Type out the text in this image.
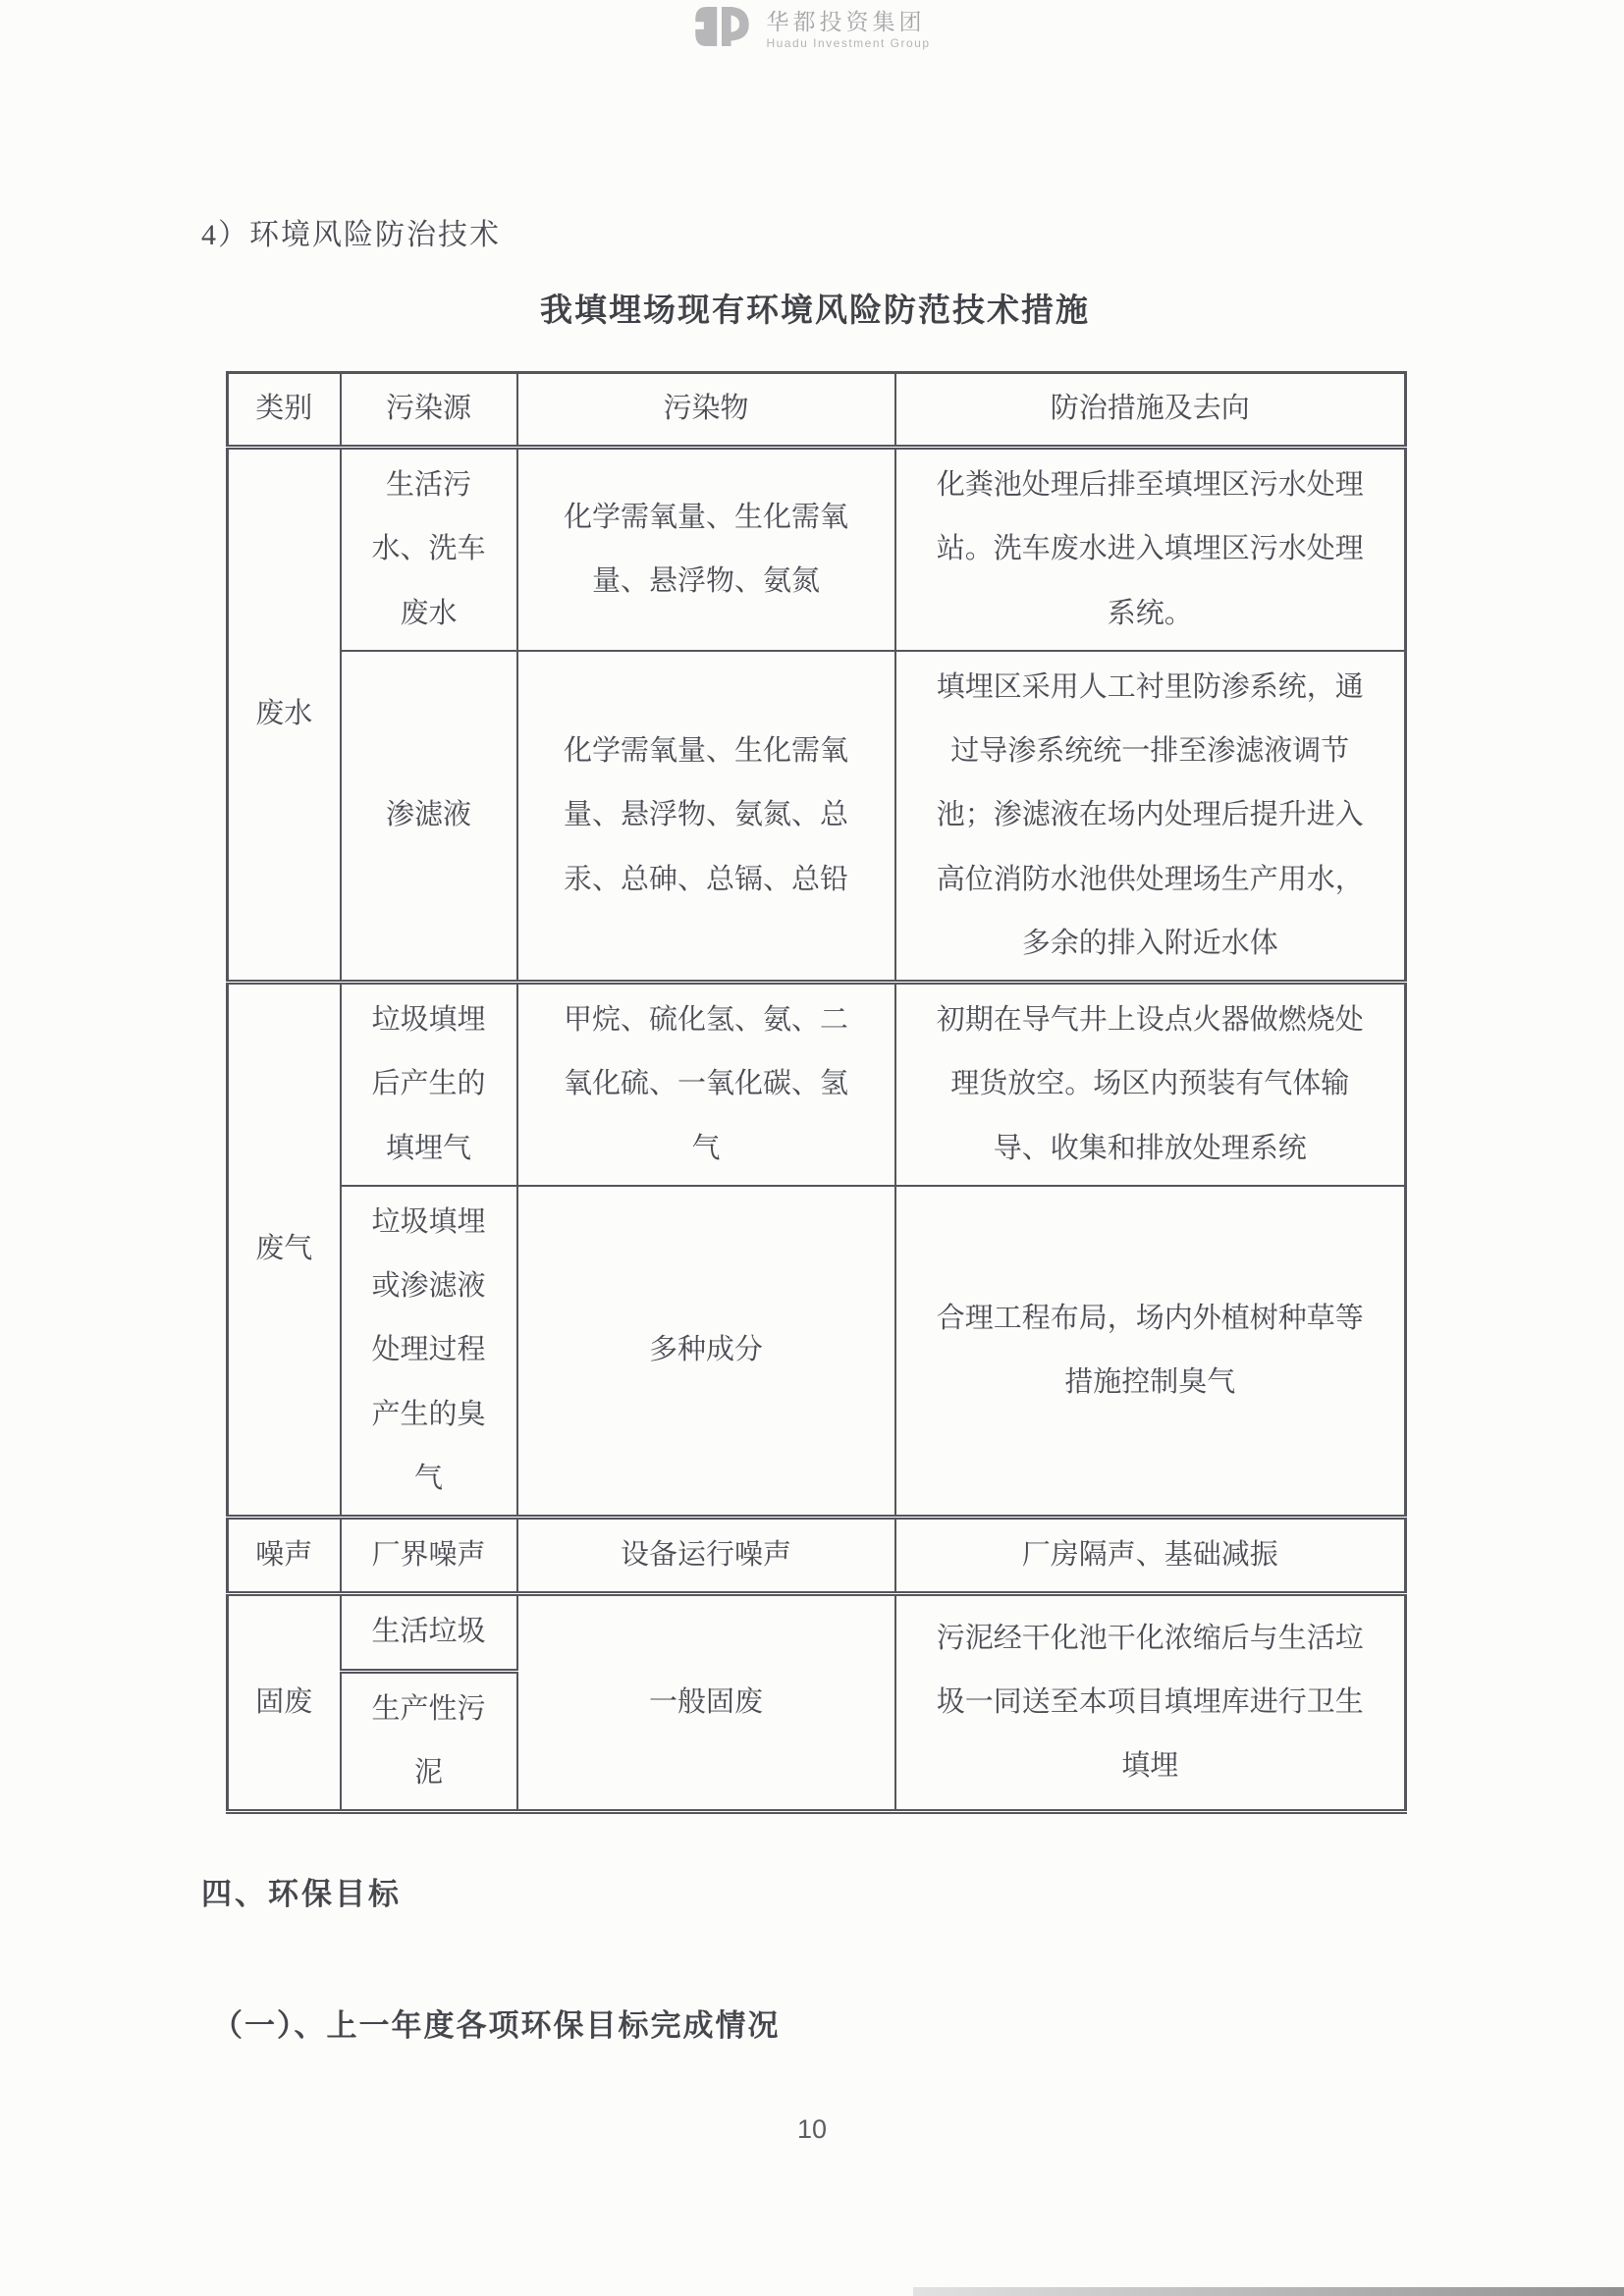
华都投资集团
Huadu Investment Group
4）环境风险防治技术
我填埋场现有环境风险防范技术措施
类别	污染源	污染物	防治措施及去向
废水	生活污水、洗车废水	化学需氧量、生化需氧量、悬浮物、氨氮	化粪池处理后排至填埋区污水处理站。洗车废水进入填埋区污水处理系统。
	渗滤液	化学需氧量、生化需氧量、悬浮物、氨氮、总汞、总砷、总镉、总铅	填埋区采用人工衬里防渗系统，通过导渗系统统一排至渗滤液调节池；渗滤液在场内处理后提升进入高位消防水池供处理场生产用水，多余的排入附近水体
废气	垃圾填埋后产生的填埋气	甲烷、硫化氢、氨、二氧化硫、一氧化碳、氢气	初期在导气井上设点火器做燃烧处理货放空。场区内预装有气体输导、收集和排放处理系统
	垃圾填埋或渗滤液处理过程产生的臭气	多种成分	合理工程布局，场内外植树种草等措施控制臭气
噪声	厂界噪声	设备运行噪声	厂房隔声、基础减振
固废	生活垃圾	一般固废	污泥经干化池干化浓缩后与生活垃圾一同送至本项目填埋库进行卫生填埋
	生产性污泥		
四、环保目标
（一）、上一年度各项环保目标完成情况
10
